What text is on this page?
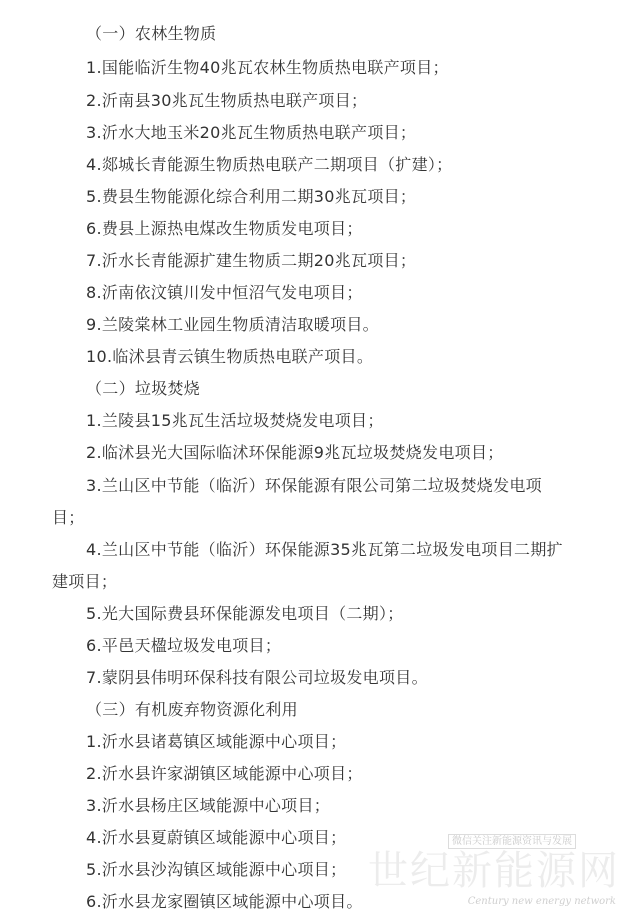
（一）农林生物质
1.国能临沂生物40兆瓦农林生物质热电联产项目；
2.沂南县30兆瓦生物质热电联产项目；
3.沂水大地玉米20兆瓦生物质热电联产项目；
4.郯城长青能源生物质热电联产二期项目（扩建）；
5.费县生物能源化综合利用二期30兆瓦项目；
6.费县上源热电煤改生物质发电项目；
7.沂水长青能源扩建生物质二期20兆瓦项目；
8.沂南依汶镇川发中恒沼气发电项目；
9.兰陵棠林工业园生物质清洁取暖项目。
10.临沭县青云镇生物质热电联产项目。
（二）垃圾焚烧
1.兰陵县15兆瓦生活垃圾焚烧发电项目；
2.临沭县光大国际临沭环保能源9兆瓦垃圾焚烧发电项目；
3.兰山区中节能（临沂）环保能源有限公司第二垃圾焚烧发电项
目；
4.兰山区中节能（临沂）环保能源35兆瓦第二垃圾发电项目二期扩
建项目；
5.光大国际费县环保能源发电项目（二期）；
6.平邑天楹垃圾发电项目；
7.蒙阴县伟明环保科技有限公司垃圾发电项目。
（三）有机废弃物资源化利用
1.沂水县诸葛镇区域能源中心项目；
2.沂水县许家湖镇区域能源中心项目；
3.沂水县杨庄区域能源中心项目；
4.沂水县夏蔚镇区域能源中心项目；
5.沂水县沙沟镇区域能源中心项目；
6.沂水县龙家圈镇区域能源中心项目。
微信关注新能源资讯与发展
世纪新能源网
Century new energy network
